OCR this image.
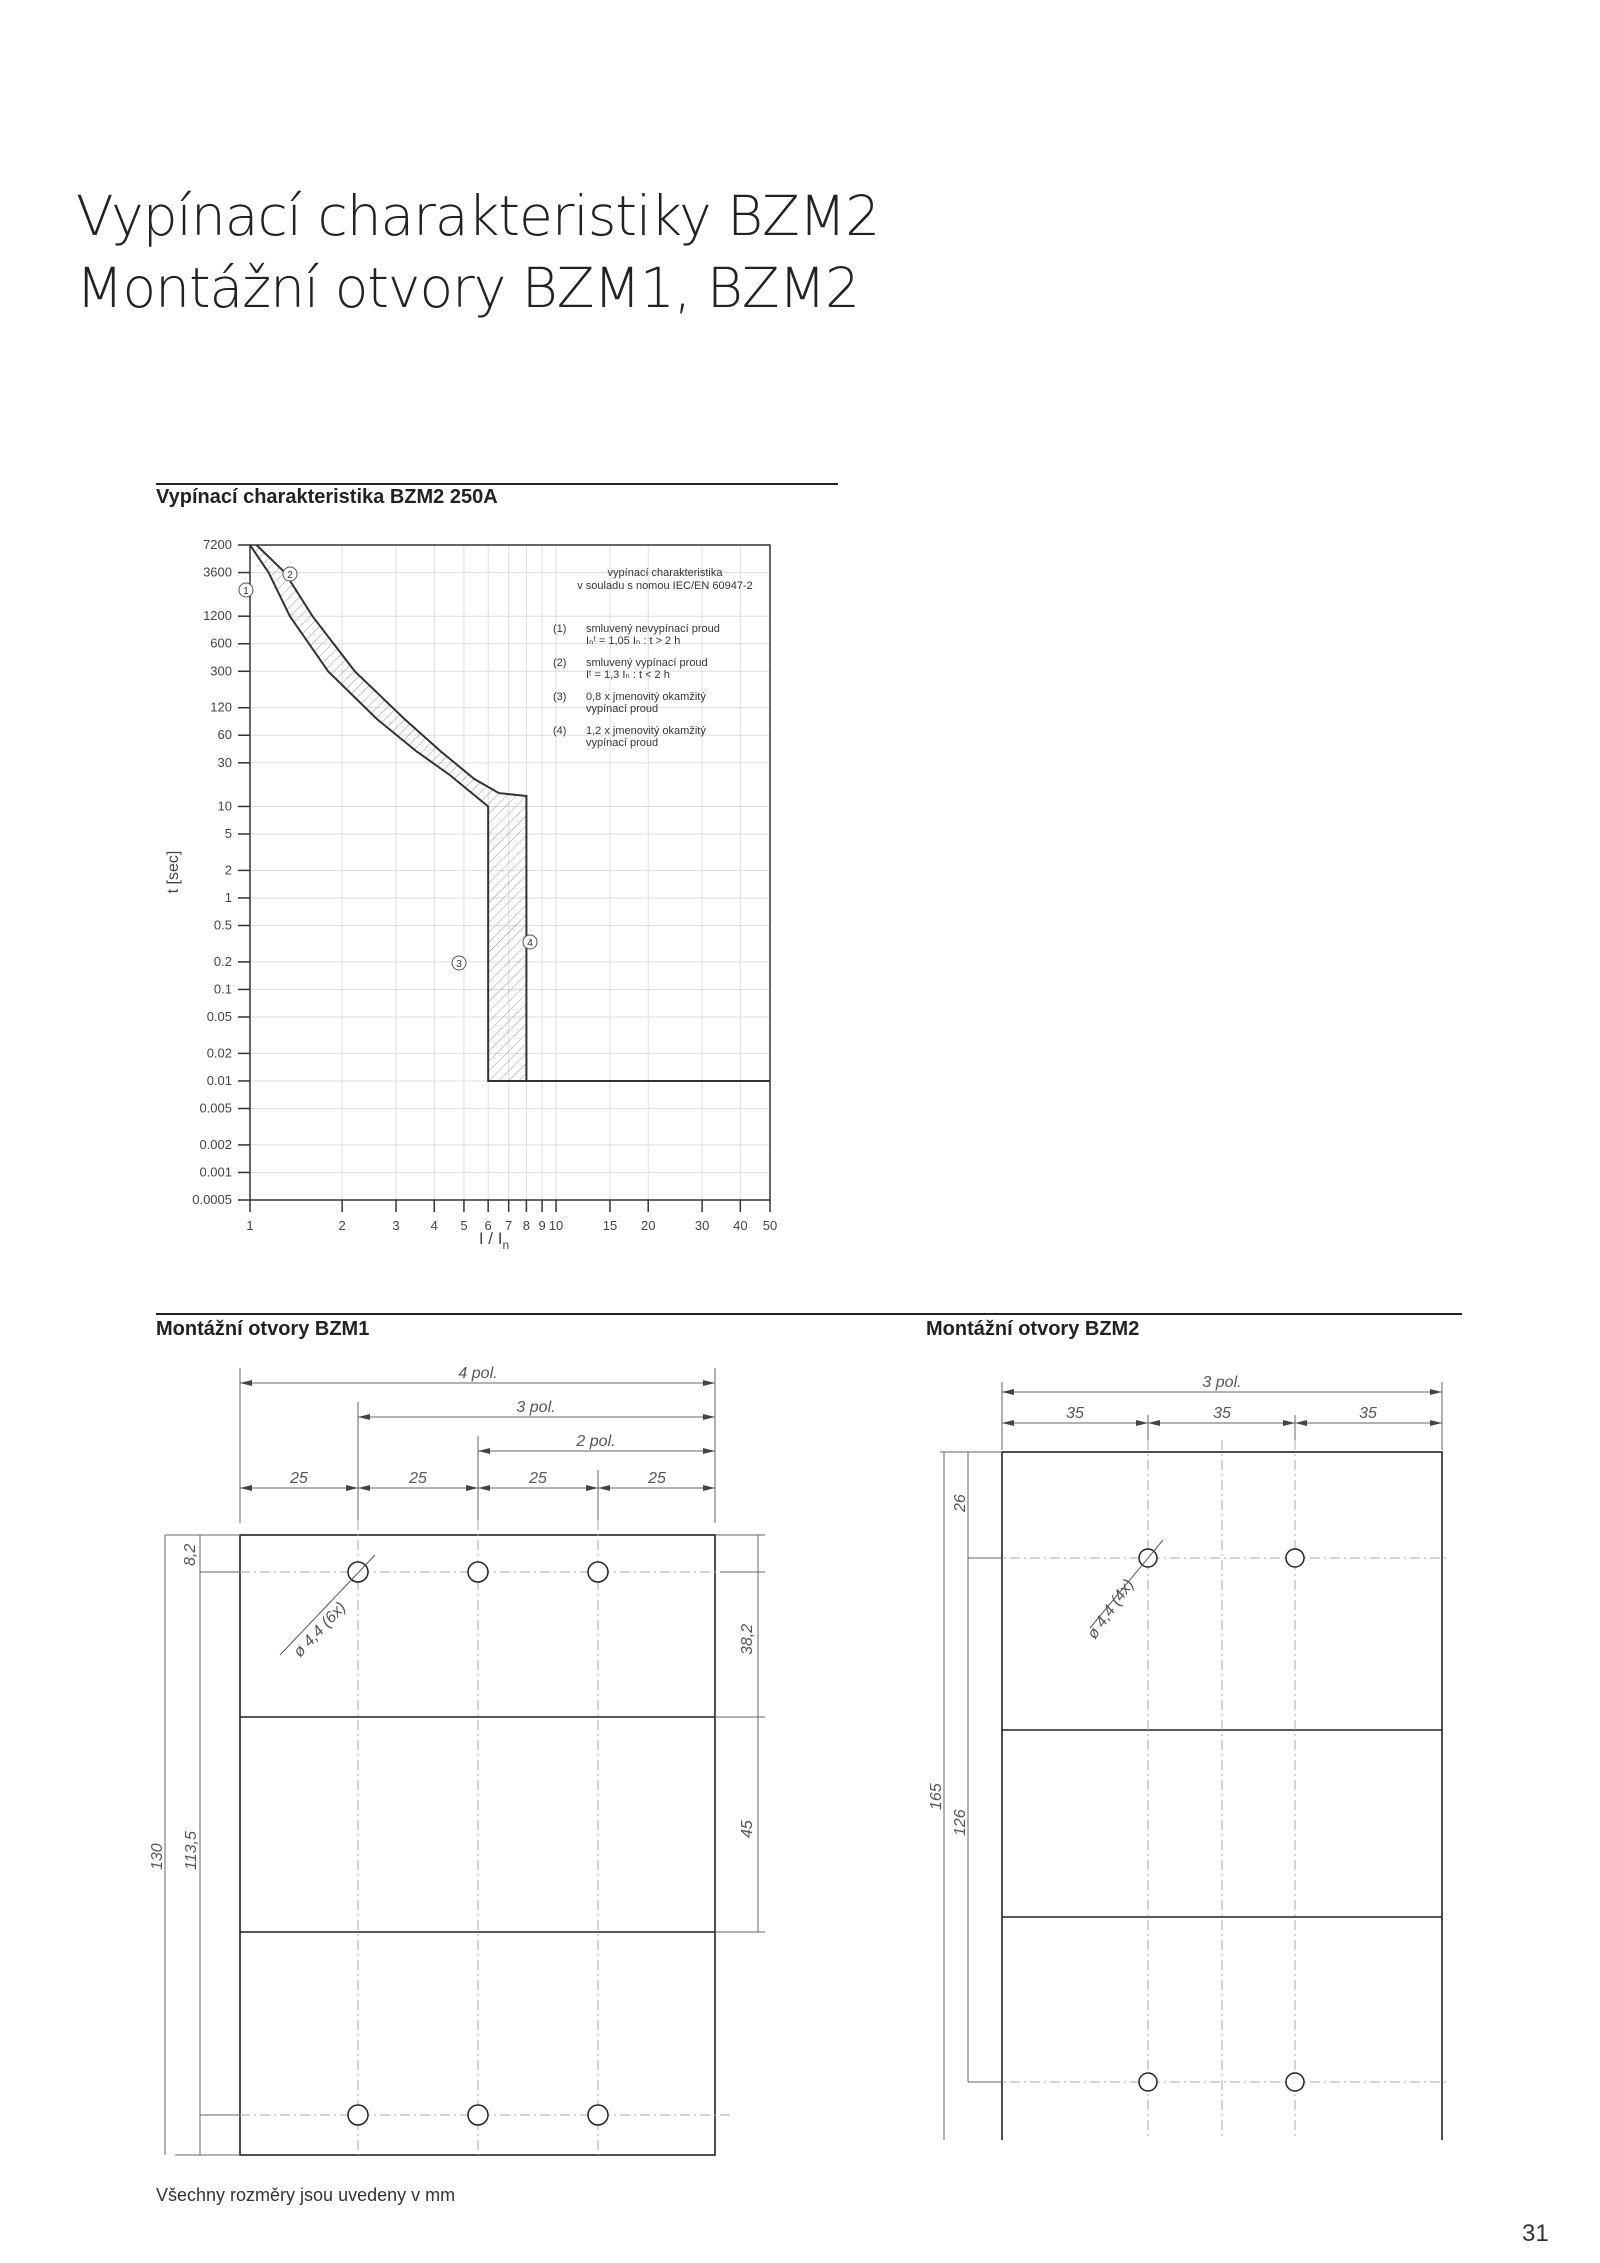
Vypínací charakteristiky BZM2
Montážní otvory BZM1, BZM2
Vypínací charakteristika BZM2 250A
7200
3600
1200
600
300
120
60
30
10
5
2
1
0.5
0.2
0.1
0.05
0.02
0.01
0.005
0.002
0.001
0.0005
1	2	3 4 5 6 7 8 9 10	15 20	30 40 50
t [sec]
I / $I_n$
vypínací charakteristika
v souladu s nomou IEC/EN 60947-2
(1) smluvený nevypínací proud
Iₙᵗ = 1,05 Iₙ : t > 2 h
(2) smluvený vypínací proud
Iᵗ = 1,3 Iₙ : t < 2 h
(3) 0,8 x jmenovitý okamžitý
vypínací proud
(4) 1,2 x jmenovitý okamžitý
vypínací proud
1
2
3
4
Montážní otvory BZM1	Montážní otvory BZM2
4 pol.
3 pol.
2 pol.
25	25	25	25
ø 4,4 (6x)
8,2
130 113,5
38,2
45
3 pol.
35	35	35
ø 4,4 (4x)
26
165
126
Všechny rozměry jsou uvedeny v mm
31
